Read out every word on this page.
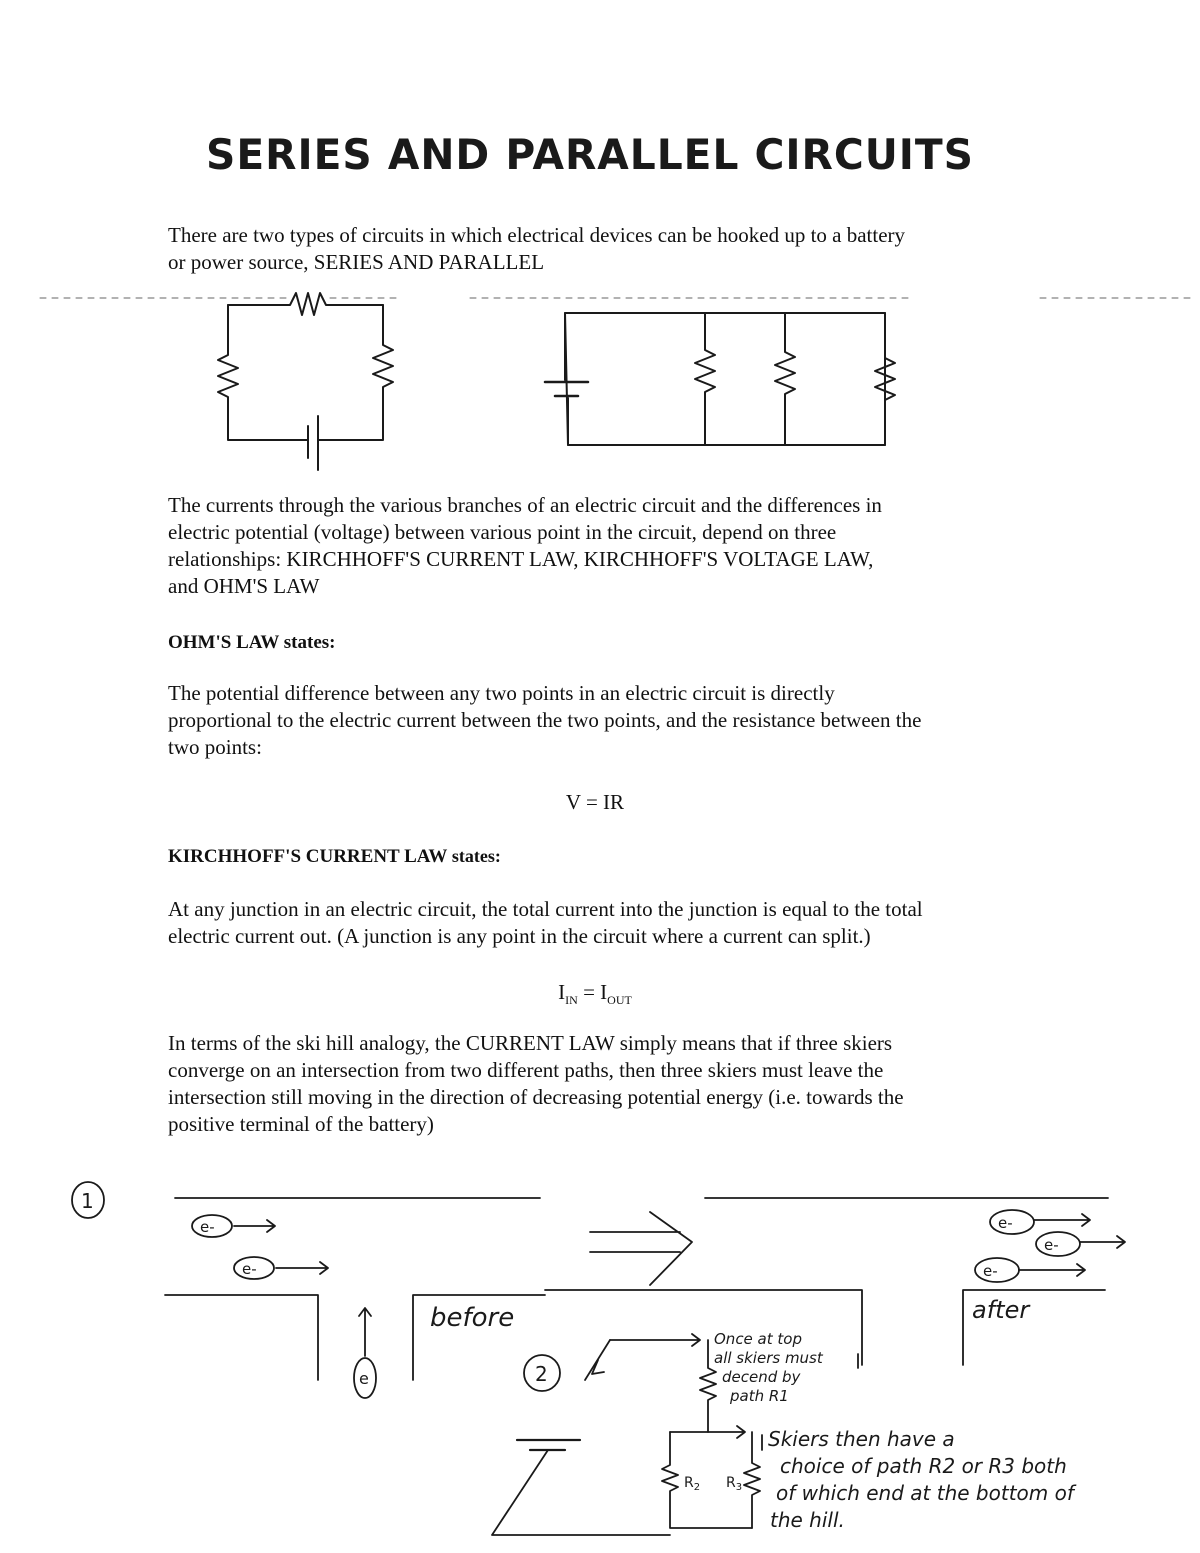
SERIES AND PARALLEL CIRCUITS

There are two types of circuits in which electrical devices can be hooked up to a battery

or power source, SERIES AND PARALLEL

The currents through the various branches of an electric circuit and the differences in

electric potential (voltage) between various point in the circuit, depend on three

relationships: KIRCHHOFF'S CURRENT LAW, KIRCHHOFF'S VOLTAGE LAW,

and OHM'S LAW

OHM'S LAW states:

The potential difference between any two points in an electric circuit is directly

proportional to the electric current between the two points, and the resistance between the

two points:

V = IR
KIRCHHOFF'S CURRENT LAW states:

At any junction in an electric circuit, the total current into the junction is equal to the total

electric current out. (A junction is any point in the circuit where a current can split.)

$I_{IN} = I_{OUT}$

In terms of the ski hill analogy, the CURRENT LAW simply means that if three skiers

converge on an intersection from two different paths, then three skiers must leave the

intersection still moving in the direction of decreasing potential energy (i.e. towards the

positive terminal of the battery)

1
2
e-
e-
e
e-
e-
e-
before	after
Once at top
all skiers must
decend by
path R1
$R_2$ $R_3$
Skiers then have a
choice of path R2 or R3 both
of which end at the bottom of
the hill.
